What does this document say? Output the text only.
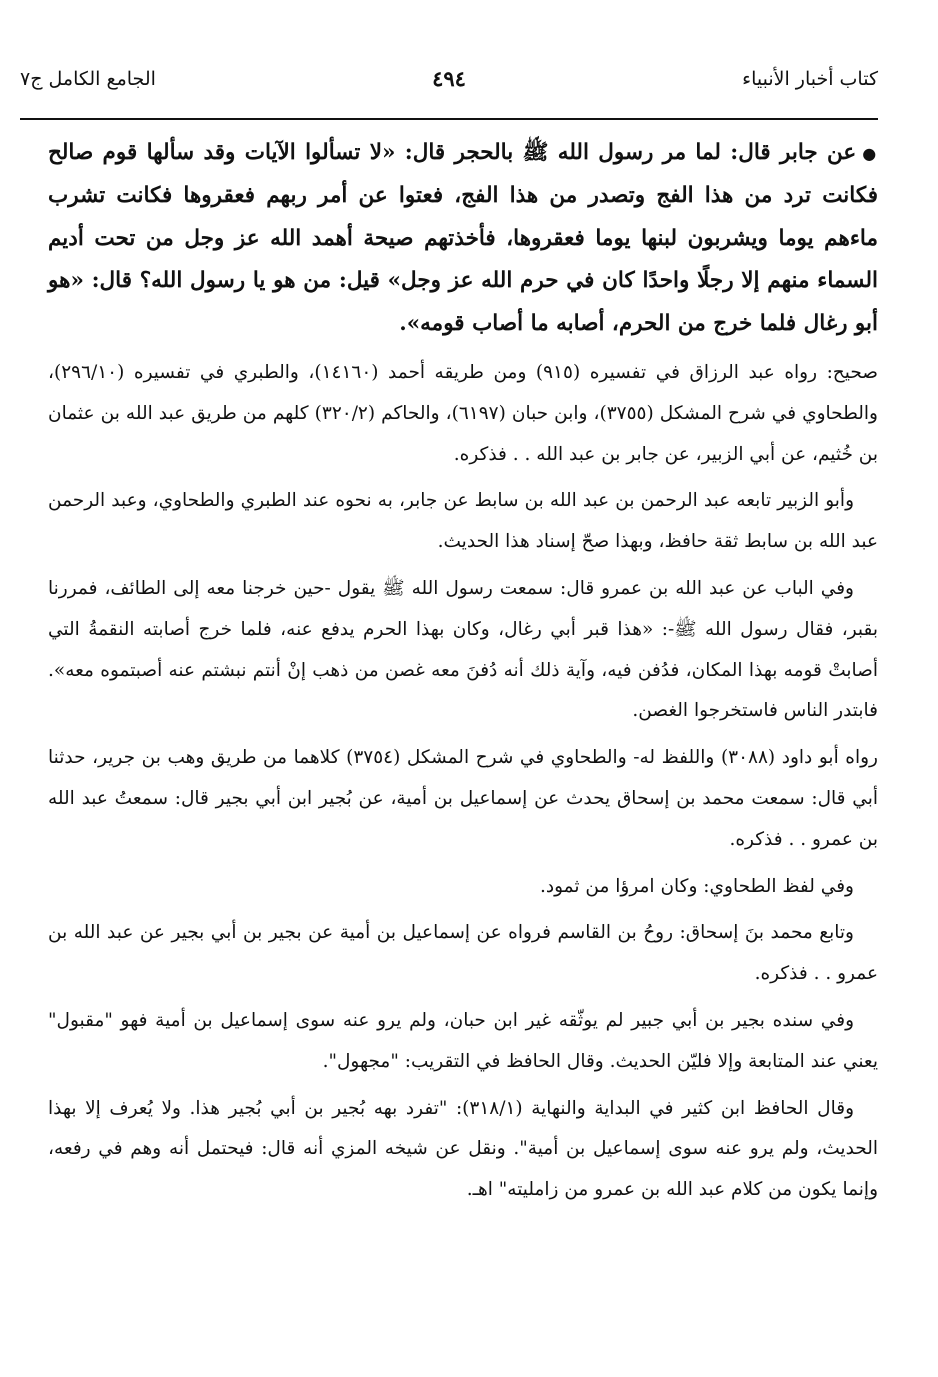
كتاب أخبار الأنبياء
٤٩٤
الجامع الكامل ج٧

●عن جابر قال: لما مر رسول الله ﷺ بالحجر قال: «لا تسألوا الآيات وقد سألها قوم صالح فكانت ترد من هذا الفج وتصدر من هذا الفج، فعتوا عن أمر ربهم فعقروها فكانت تشرب ماءهم يوما ويشربون لبنها يوما فعقروها، فأخذتهم صيحة أهمد الله عز وجل من تحت أديم السماء منهم إلا رجلًا واحدًا كان في حرم الله عز وجل» قيل: من هو يا رسول الله؟ قال: «هو أبو رغال فلما خرج من الحرم، أصابه ما أصاب قومه».

صحيح: رواه عبد الرزاق في تفسيره (٩١٥) ومن طريقه أحمد (١٤١٦٠)، والطبري في تفسيره (٢٩٦/١٠)، والطحاوي في شرح المشكل (٣٧٥٥)، وابن حبان (٦١٩٧)، والحاكم (٣٢٠/٢) كلهم من طريق عبد الله بن عثمان بن خُثيم، عن أبي الزبير، عن جابر بن عبد الله . . فذكره.

وأبو الزبير تابعه عبد الرحمن بن عبد الله بن سابط عن جابر، به نحوه عند الطبري والطحاوي، وعبد الرحمن عبد الله بن سابط ثقة حافظ، وبهذا صحّ إسناد هذا الحديث.

وفي الباب عن عبد الله بن عمرو قال: سمعت رسول الله ﷺ يقول -حين خرجنا معه إلى الطائف، فمررنا بقبر، فقال رسول الله ﷺ-: «هذا قبر أبي رغال، وكان بهذا الحرم يدفع عنه، فلما خرج أصابته النقمةُ التي أصابتْ قومه بهذا المكان، فدُفن فيه، وآية ذلك أنه دُفنَ معه غصن من ذهب إنْ أنتم نبشتم عنه أصبتموه معه». فابتدر الناس فاستخرجوا الغصن.

رواه أبو داود (٣٠٨٨) واللفظ له- والطحاوي في شرح المشكل (٣٧٥٤) كلاهما من طريق وهب بن جرير، حدثنا أبي قال: سمعت محمد بن إسحاق يحدث عن إسماعيل بن أمية، عن بُجير ابن أبي بجير قال: سمعتُ عبد الله بن عمرو . . فذكره.

وفي لفظ الطحاوي: وكان امرؤا من ثمود.

وتابع محمد بنَ إسحاق: روحُ بن القاسم فرواه عن إسماعيل بن أمية عن بجير بن أبي بجير عن عبد الله بن عمرو . . فذكره.

وفي سنده بجير بن أبي جبير لم يوثّقه غير ابن حبان، ولم يرو عنه سوى إسماعيل بن أمية فهو "مقبول" يعني عند المتابعة وإلا فليّن الحديث. وقال الحافظ في التقريب: "مجهول".

وقال الحافظ ابن كثير في البداية والنهاية (٣١٨/١): "تفرد بهه بُجير بن أبي بُجير هذا. ولا يُعرف إلا بهذا الحديث، ولم يرو عنه سوى إسماعيل بن أمية". ونقل عن شيخه المزي أنه قال: فيحتمل أنه وهم في رفعه، وإنما يكون من كلام عبد الله بن عمرو من زامليته" اهـ.
